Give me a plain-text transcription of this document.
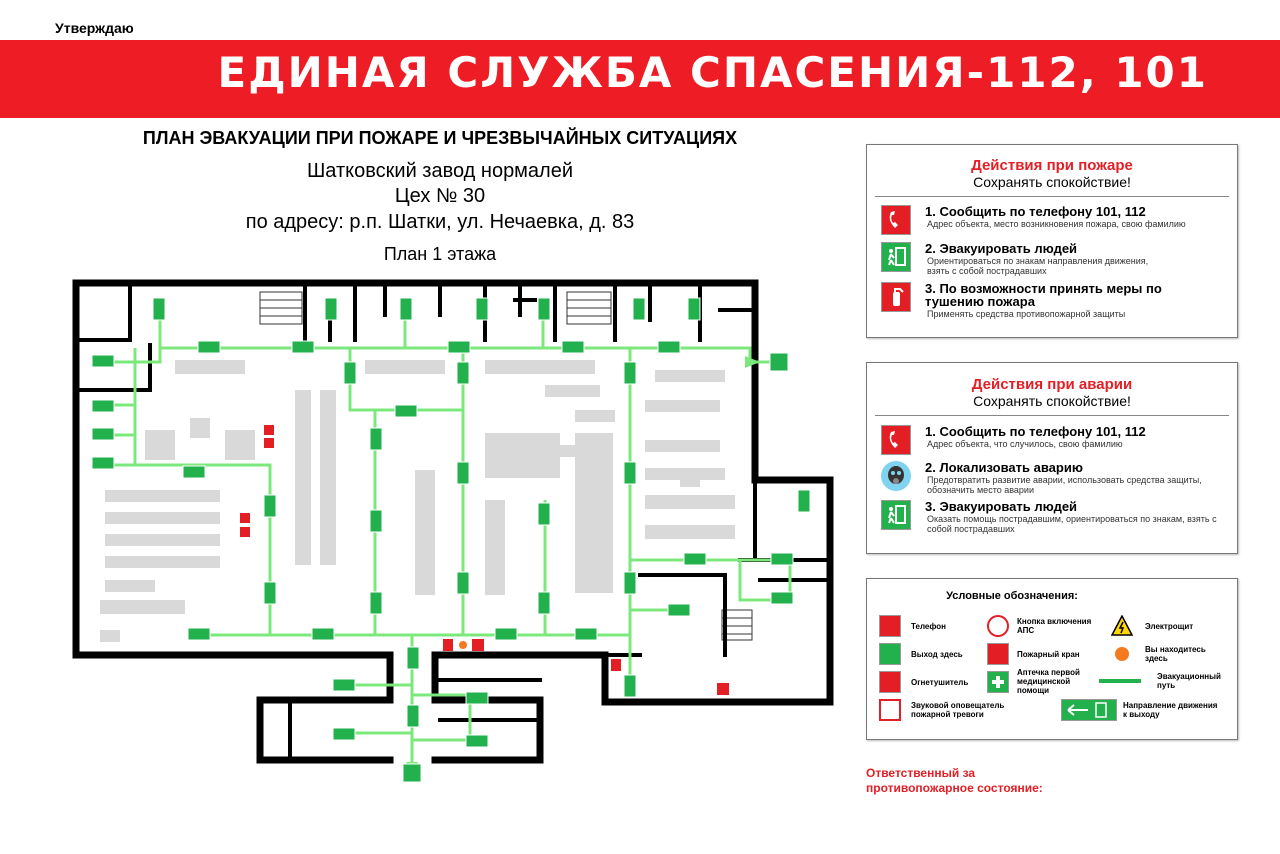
Утверждаю
ЕДИНАЯ СЛУЖБА СПАСЕНИЯ-112, 101
ПЛАН ЭВАКУАЦИИ ПРИ ПОЖАРЕ И ЧРЕЗВЫЧАЙНЫХ СИТУАЦИЯХ
Шатковский завод нормалей
Цех № 30
по адресу: р.п. Шатки, ул. Нечаевка, д. 83
План 1 этажа
Действия при пожаре
Сохранять спокойствие!
1. Сообщить по телефону 101, 112
Адрес объекта, место возникновения пожара, свою фамилию
2. Эвакуировать людей
Ориентироваться по знакам направления движения, взять с собой пострадавших
3. По возможности принять меры по тушению пожара
Применять средства противопожарной защиты
Действия при аварии
Сохранять спокойствие!
1. Сообщить по телефону 101, 112
Адрес объекта, что случилось, свою фамилию
2. Локализовать аварию
Предотвратить развитие аварии, использовать средства защиты, обозначить место аварии
3. Эвакуировать людей
Оказать помощь пострадавшим, ориентироваться по знакам, взять с собой пострадавших
Условные обозначения:
Телефон
Выход здесь
Огнетушитель
Звуковой оповещатель пожарной тревоги
Кнопка включения АПС
Пожарный кран
Аптечка первой медицинской помощи
Электрощит
Вы находитесь здесь
Эвакуационный путь
Направление движения к выходу
Ответственный за противопожарное состояние:
